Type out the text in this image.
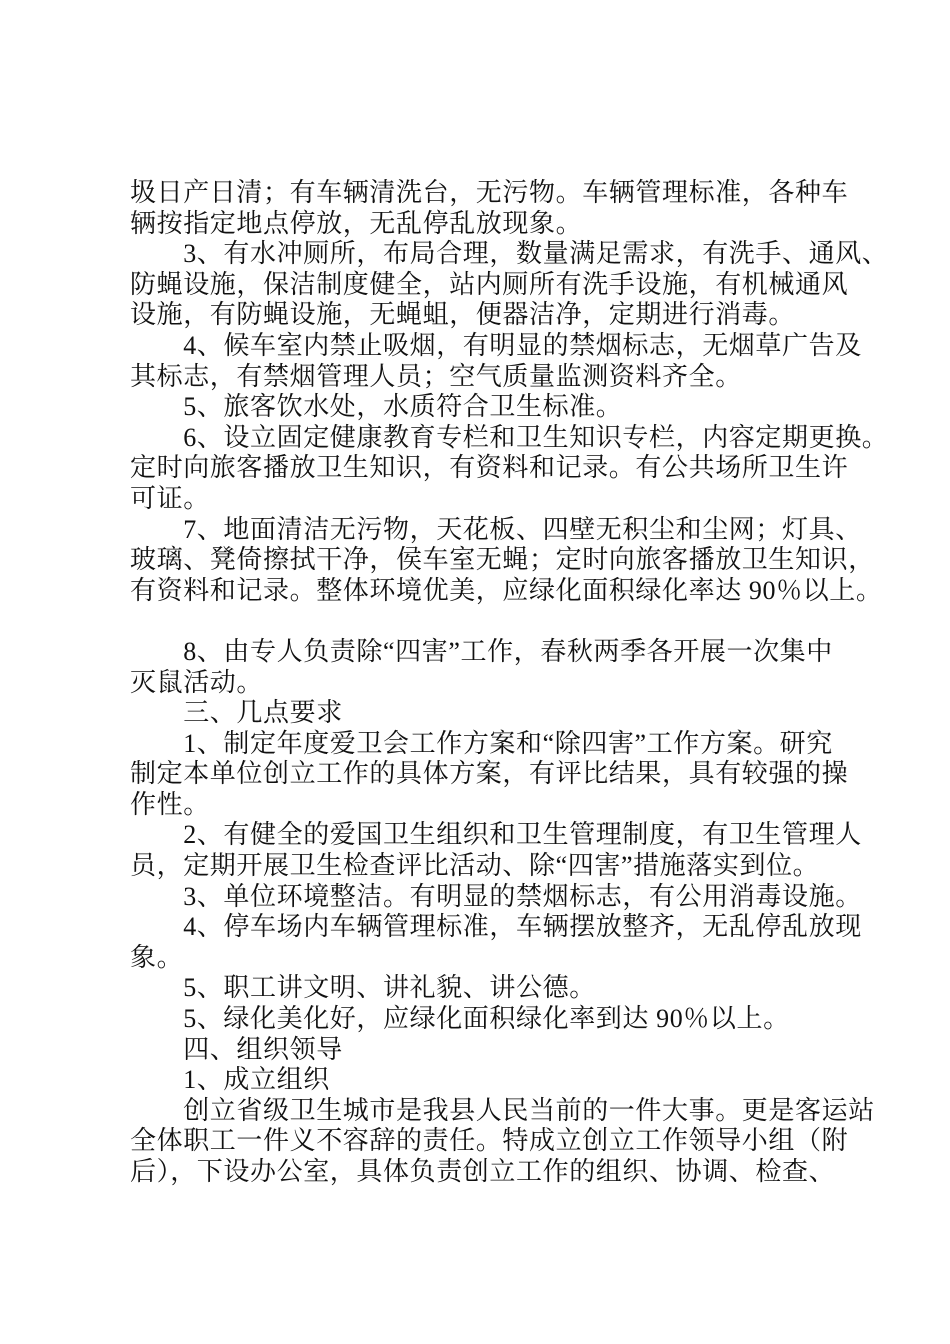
圾日产日清；有车辆清洗台，无污物。车辆管理标准，各种车
辆按指定地点停放，无乱停乱放现象。
　　3、有水冲厕所，布局合理，数量满足需求，有洗手、通风、
防蝇设施，保洁制度健全，站内厕所有洗手设施，有机械通风
设施，有防蝇设施，无蝇蛆，便器洁净，定期进行消毒。
　　4、候车室内禁止吸烟，有明显的禁烟标志，无烟草广告及
其标志，有禁烟管理人员；空气质量监测资料齐全。
　　5、旅客饮水处，水质符合卫生标准。
　　6、设立固定健康教育专栏和卫生知识专栏，内容定期更换。
定时向旅客播放卫生知识，有资料和记录。有公共场所卫生许
可证。
　　7、地面清洁无污物，天花板、四壁无积尘和尘网；灯具、
玻璃、凳倚擦拭干净，侯车室无蝇；定时向旅客播放卫生知识，
有资料和记录。整体环境优美，应绿化面积绿化率达 90％以上。
　　8、由专人负责除“四害”工作，春秋两季各开展一次集中
灭鼠活动。
　　三、几点要求
　　1、制定年度爱卫会工作方案和“除四害”工作方案。研究
制定本单位创立工作的具体方案，有评比结果，具有较强的操
作性。
　　2、有健全的爱国卫生组织和卫生管理制度，有卫生管理人
员，定期开展卫生检查评比活动、除“四害”措施落实到位。
　　3、单位环境整洁。有明显的禁烟标志，有公用消毒设施。
　　4、停车场内车辆管理标准，车辆摆放整齐，无乱停乱放现
象。
　　5、职工讲文明、讲礼貌、讲公德。
　　5、绿化美化好，应绿化面积绿化率到达 90％以上。
　　四、组织领导
　　1、成立组织
　　创立省级卫生城市是我县人民当前的一件大事。更是客运站
全体职工一件义不容辞的责任。特成立创立工作领导小组（附
后），下设办公室，具体负责创立工作的组织、协调、检查、
